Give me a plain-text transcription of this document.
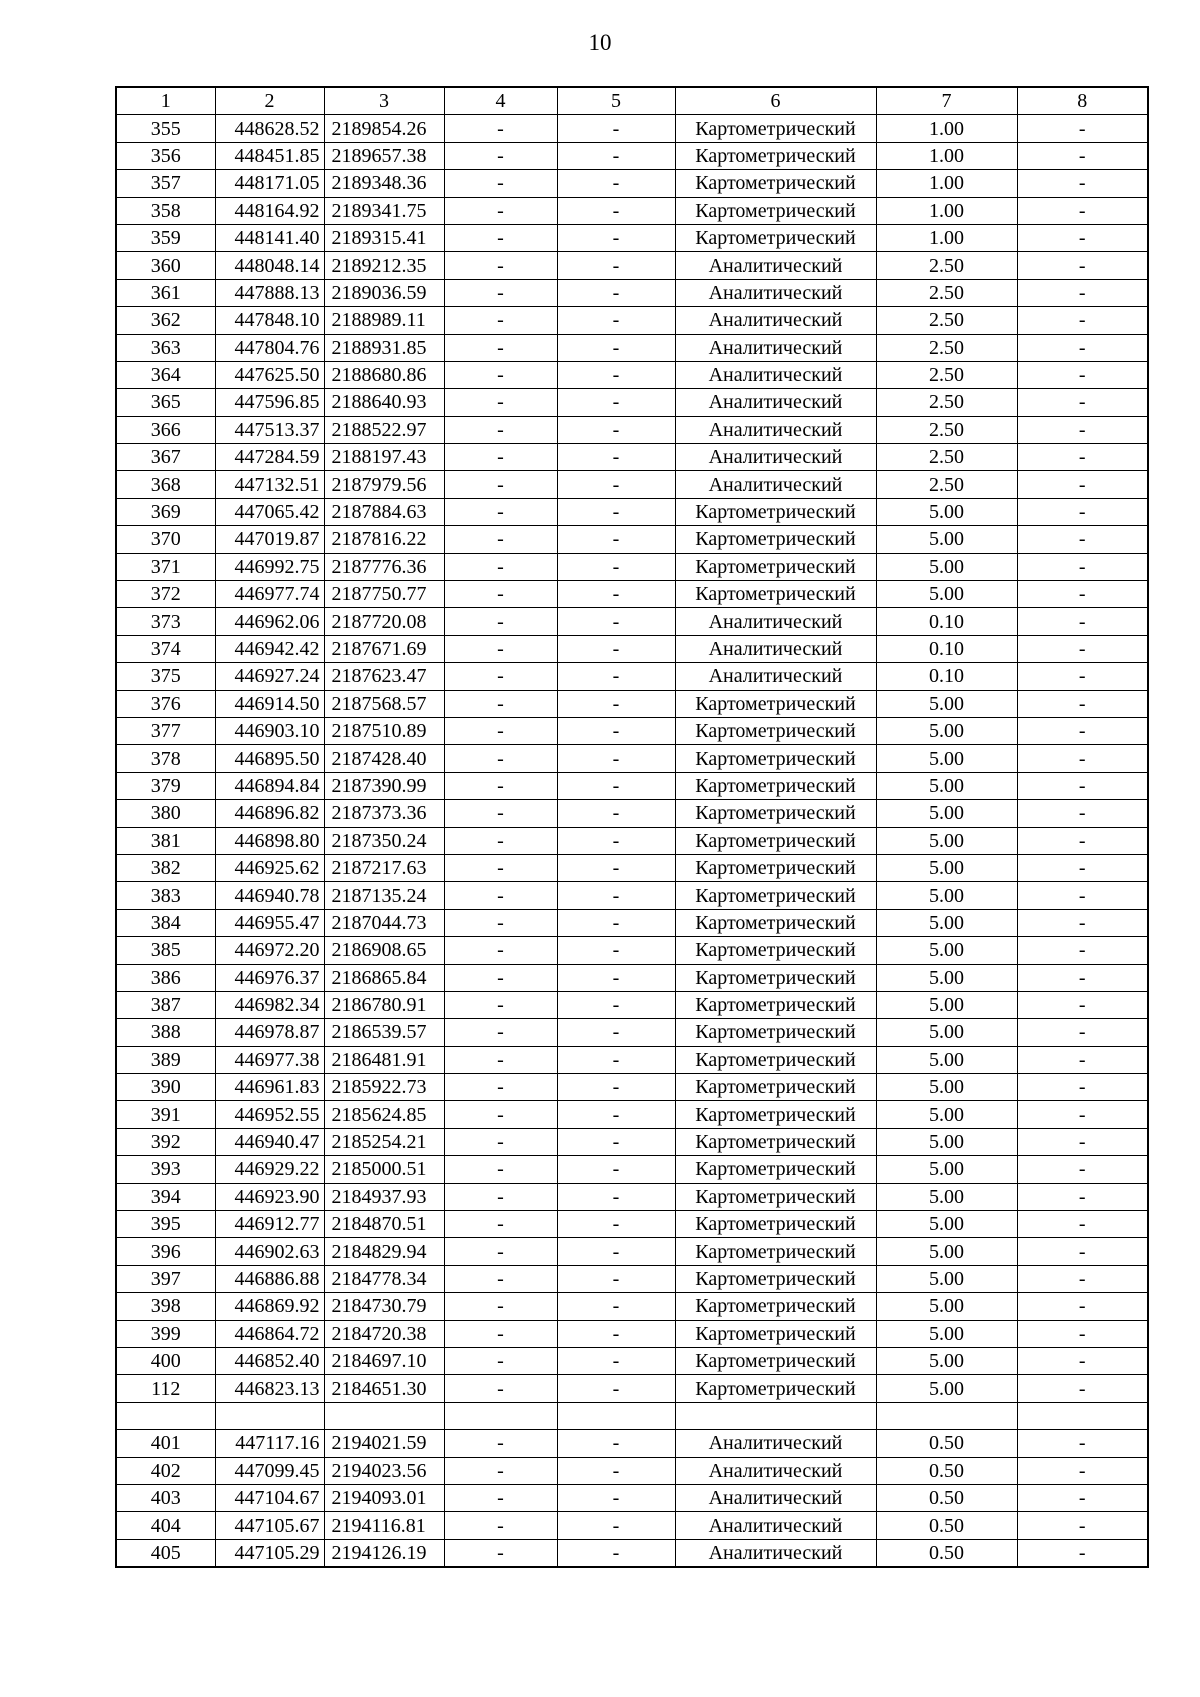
10
1	2	3	4	5	6	7	8
355	448628.52	2189854.26	-	-	Картометрический	1.00	-
356	448451.85	2189657.38	-	-	Картометрический	1.00	-
357	448171.05	2189348.36	-	-	Картометрический	1.00	-
358	448164.92	2189341.75	-	-	Картометрический	1.00	-
359	448141.40	2189315.41	-	-	Картометрический	1.00	-
360	448048.14	2189212.35	-	-	Аналитический	2.50	-
361	447888.13	2189036.59	-	-	Аналитический	2.50	-
362	447848.10	2188989.11	-	-	Аналитический	2.50	-
363	447804.76	2188931.85	-	-	Аналитический	2.50	-
364	447625.50	2188680.86	-	-	Аналитический	2.50	-
365	447596.85	2188640.93	-	-	Аналитический	2.50	-
366	447513.37	2188522.97	-	-	Аналитический	2.50	-
367	447284.59	2188197.43	-	-	Аналитический	2.50	-
368	447132.51	2187979.56	-	-	Аналитический	2.50	-
369	447065.42	2187884.63	-	-	Картометрический	5.00	-
370	447019.87	2187816.22	-	-	Картометрический	5.00	-
371	446992.75	2187776.36	-	-	Картометрический	5.00	-
372	446977.74	2187750.77	-	-	Картометрический	5.00	-
373	446962.06	2187720.08	-	-	Аналитический	0.10	-
374	446942.42	2187671.69	-	-	Аналитический	0.10	-
375	446927.24	2187623.47	-	-	Аналитический	0.10	-
376	446914.50	2187568.57	-	-	Картометрический	5.00	-
377	446903.10	2187510.89	-	-	Картометрический	5.00	-
378	446895.50	2187428.40	-	-	Картометрический	5.00	-
379	446894.84	2187390.99	-	-	Картометрический	5.00	-
380	446896.82	2187373.36	-	-	Картометрический	5.00	-
381	446898.80	2187350.24	-	-	Картометрический	5.00	-
382	446925.62	2187217.63	-	-	Картометрический	5.00	-
383	446940.78	2187135.24	-	-	Картометрический	5.00	-
384	446955.47	2187044.73	-	-	Картометрический	5.00	-
385	446972.20	2186908.65	-	-	Картометрический	5.00	-
386	446976.37	2186865.84	-	-	Картометрический	5.00	-
387	446982.34	2186780.91	-	-	Картометрический	5.00	-
388	446978.87	2186539.57	-	-	Картометрический	5.00	-
389	446977.38	2186481.91	-	-	Картометрический	5.00	-
390	446961.83	2185922.73	-	-	Картометрический	5.00	-
391	446952.55	2185624.85	-	-	Картометрический	5.00	-
392	446940.47	2185254.21	-	-	Картометрический	5.00	-
393	446929.22	2185000.51	-	-	Картометрический	5.00	-
394	446923.90	2184937.93	-	-	Картометрический	5.00	-
395	446912.77	2184870.51	-	-	Картометрический	5.00	-
396	446902.63	2184829.94	-	-	Картометрический	5.00	-
397	446886.88	2184778.34	-	-	Картометрический	5.00	-
398	446869.92	2184730.79	-	-	Картометрический	5.00	-
399	446864.72	2184720.38	-	-	Картометрический	5.00	-
400	446852.40	2184697.10	-	-	Картометрический	5.00	-
112	446823.13	2184651.30	-	-	Картометрический	5.00	-

401	447117.16	2194021.59	-	-	Аналитический	0.50	-
402	447099.45	2194023.56	-	-	Аналитический	0.50	-
403	447104.67	2194093.01	-	-	Аналитический	0.50	-
404	447105.67	2194116.81	-	-	Аналитический	0.50	-
405	447105.29	2194126.19	-	-	Аналитический	0.50	-
